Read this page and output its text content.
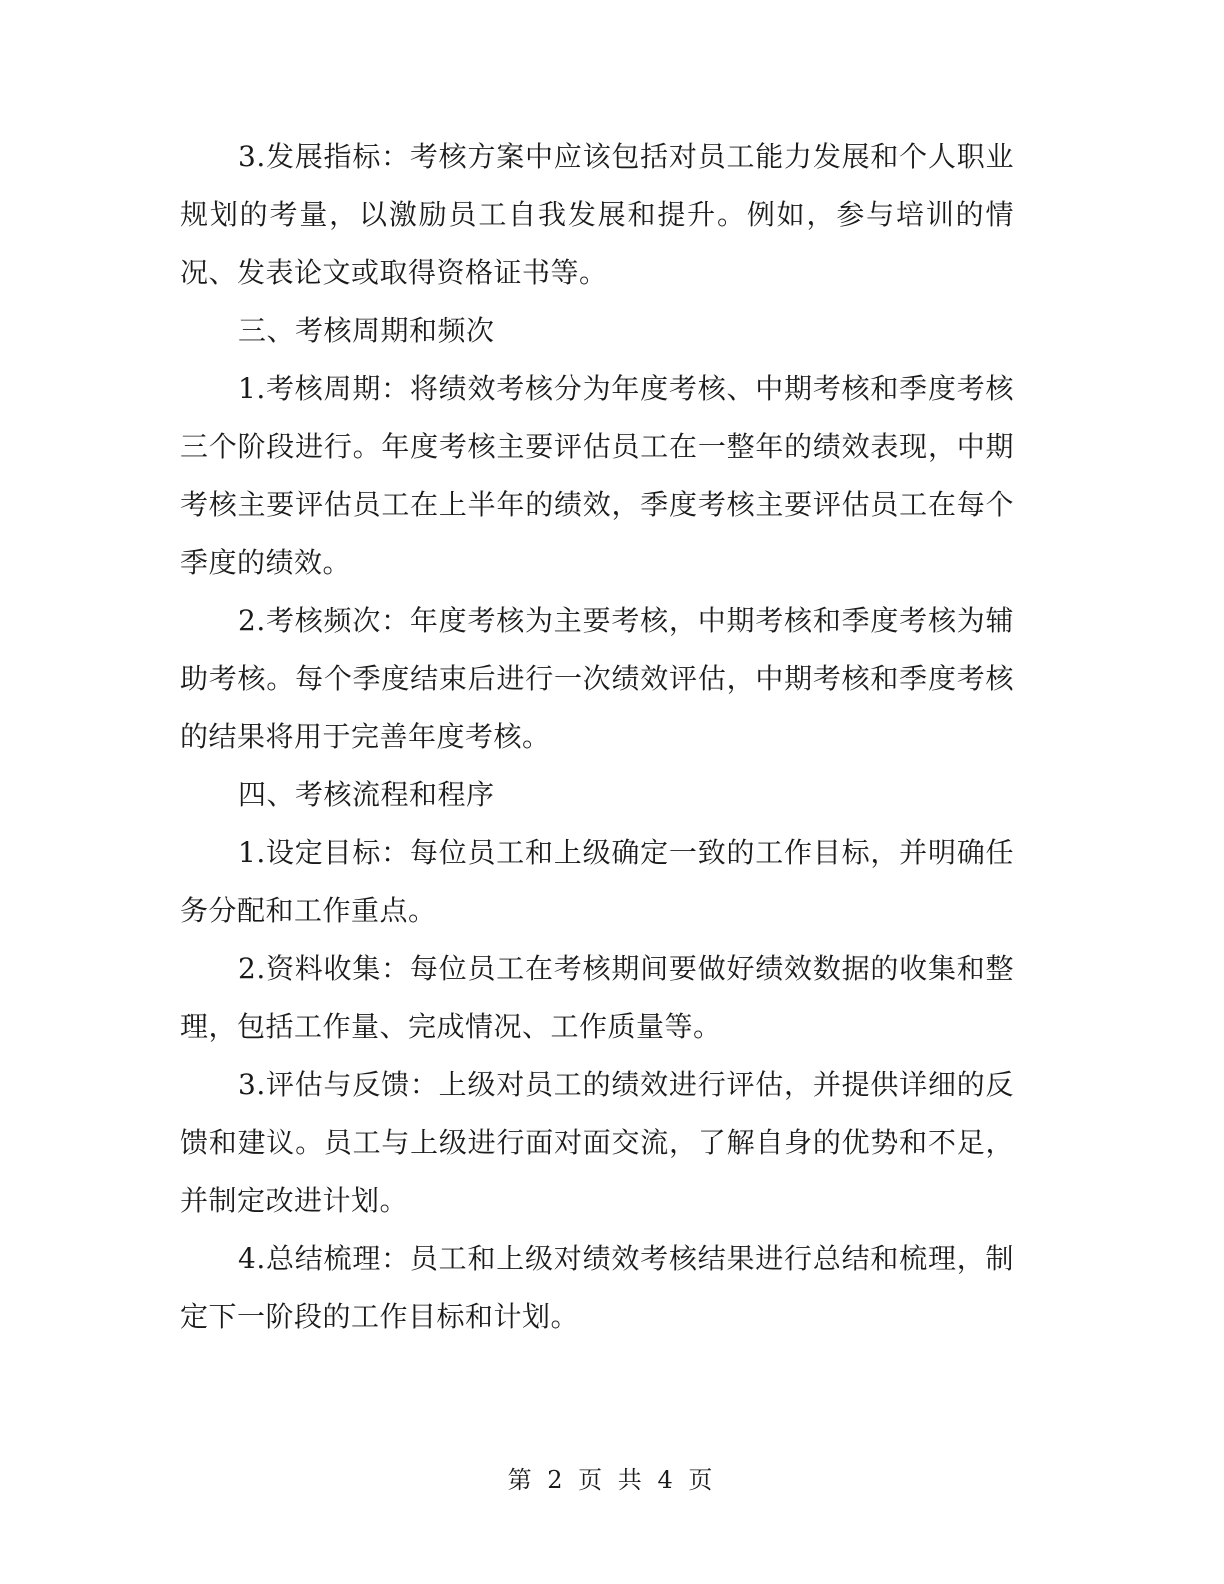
3.发展指标：考核方案中应该包括对员工能力发展和个人职业规划的考量，以激励员工自我发展和提升。例如，参与培训的情况、发表论文或取得资格证书等。

三、考核周期和频次

1.考核周期：将绩效考核分为年度考核、中期考核和季度考核三个阶段进行。年度考核主要评估员工在一整年的绩效表现，中期考核主要评估员工在上半年的绩效，季度考核主要评估员工在每个季度的绩效。

2.考核频次：年度考核为主要考核，中期考核和季度考核为辅助考核。每个季度结束后进行一次绩效评估，中期考核和季度考核的结果将用于完善年度考核。

四、考核流程和程序

1.设定目标：每位员工和上级确定一致的工作目标，并明确任务分配和工作重点。

2.资料收集：每位员工在考核期间要做好绩效数据的收集和整理，包括工作量、完成情况、工作质量等。

3.评估与反馈：上级对员工的绩效进行评估，并提供详细的反馈和建议。员工与上级进行面对面交流，了解自身的优势和不足，并制定改进计划。

4.总结梳理：员工和上级对绩效考核结果进行总结和梳理，制定下一阶段的工作目标和计划。

第 2 页 共 4 页
